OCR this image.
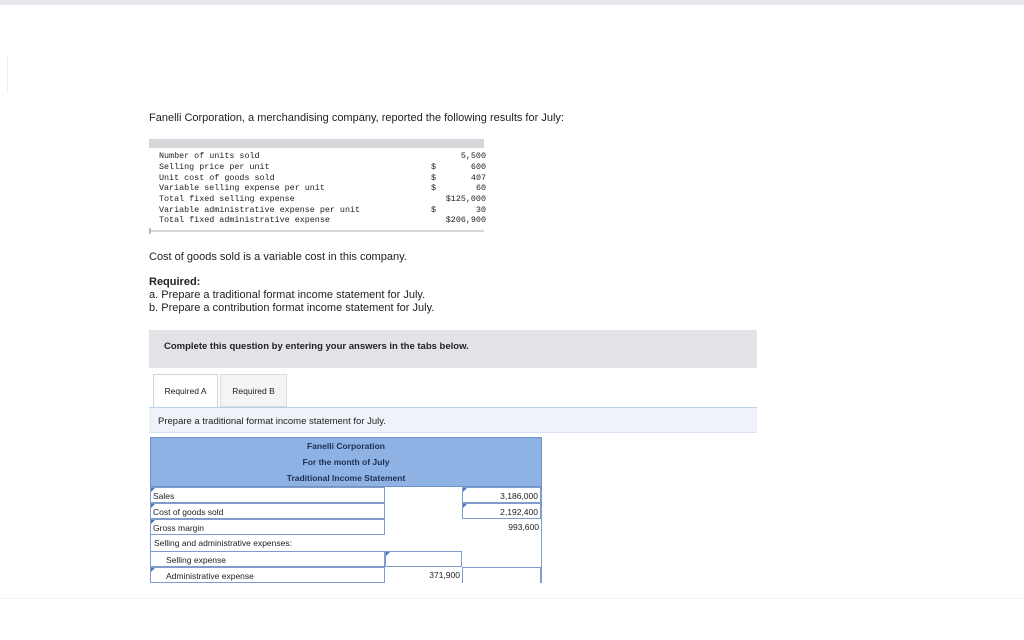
Fanelli Corporation, a merchandising company, reported the following results for July:
Number of units sold	5,500
Selling price per unit	$	600
Unit cost of goods sold	$	407
Variable selling expense per unit	$	60
Total fixed selling expense	$125,000
Variable administrative expense per unit	$	30
Total fixed administrative expense	$206,900
Cost of goods sold is a variable cost in this company.
Required:
a. Prepare a traditional format income statement for July.
b. Prepare a contribution format income statement for July.
Complete this question by entering your answers in the tabs below.
Required A	Required B
Prepare a traditional format income statement for July.
Fanelli Corporation
For the month of July
Traditional Income Statement
Sales	3,186,000
Cost of goods sold	2,192,400
Gross margin	993,600
Selling and administrative expenses:
Selling expense
Administrative expense	371,900
